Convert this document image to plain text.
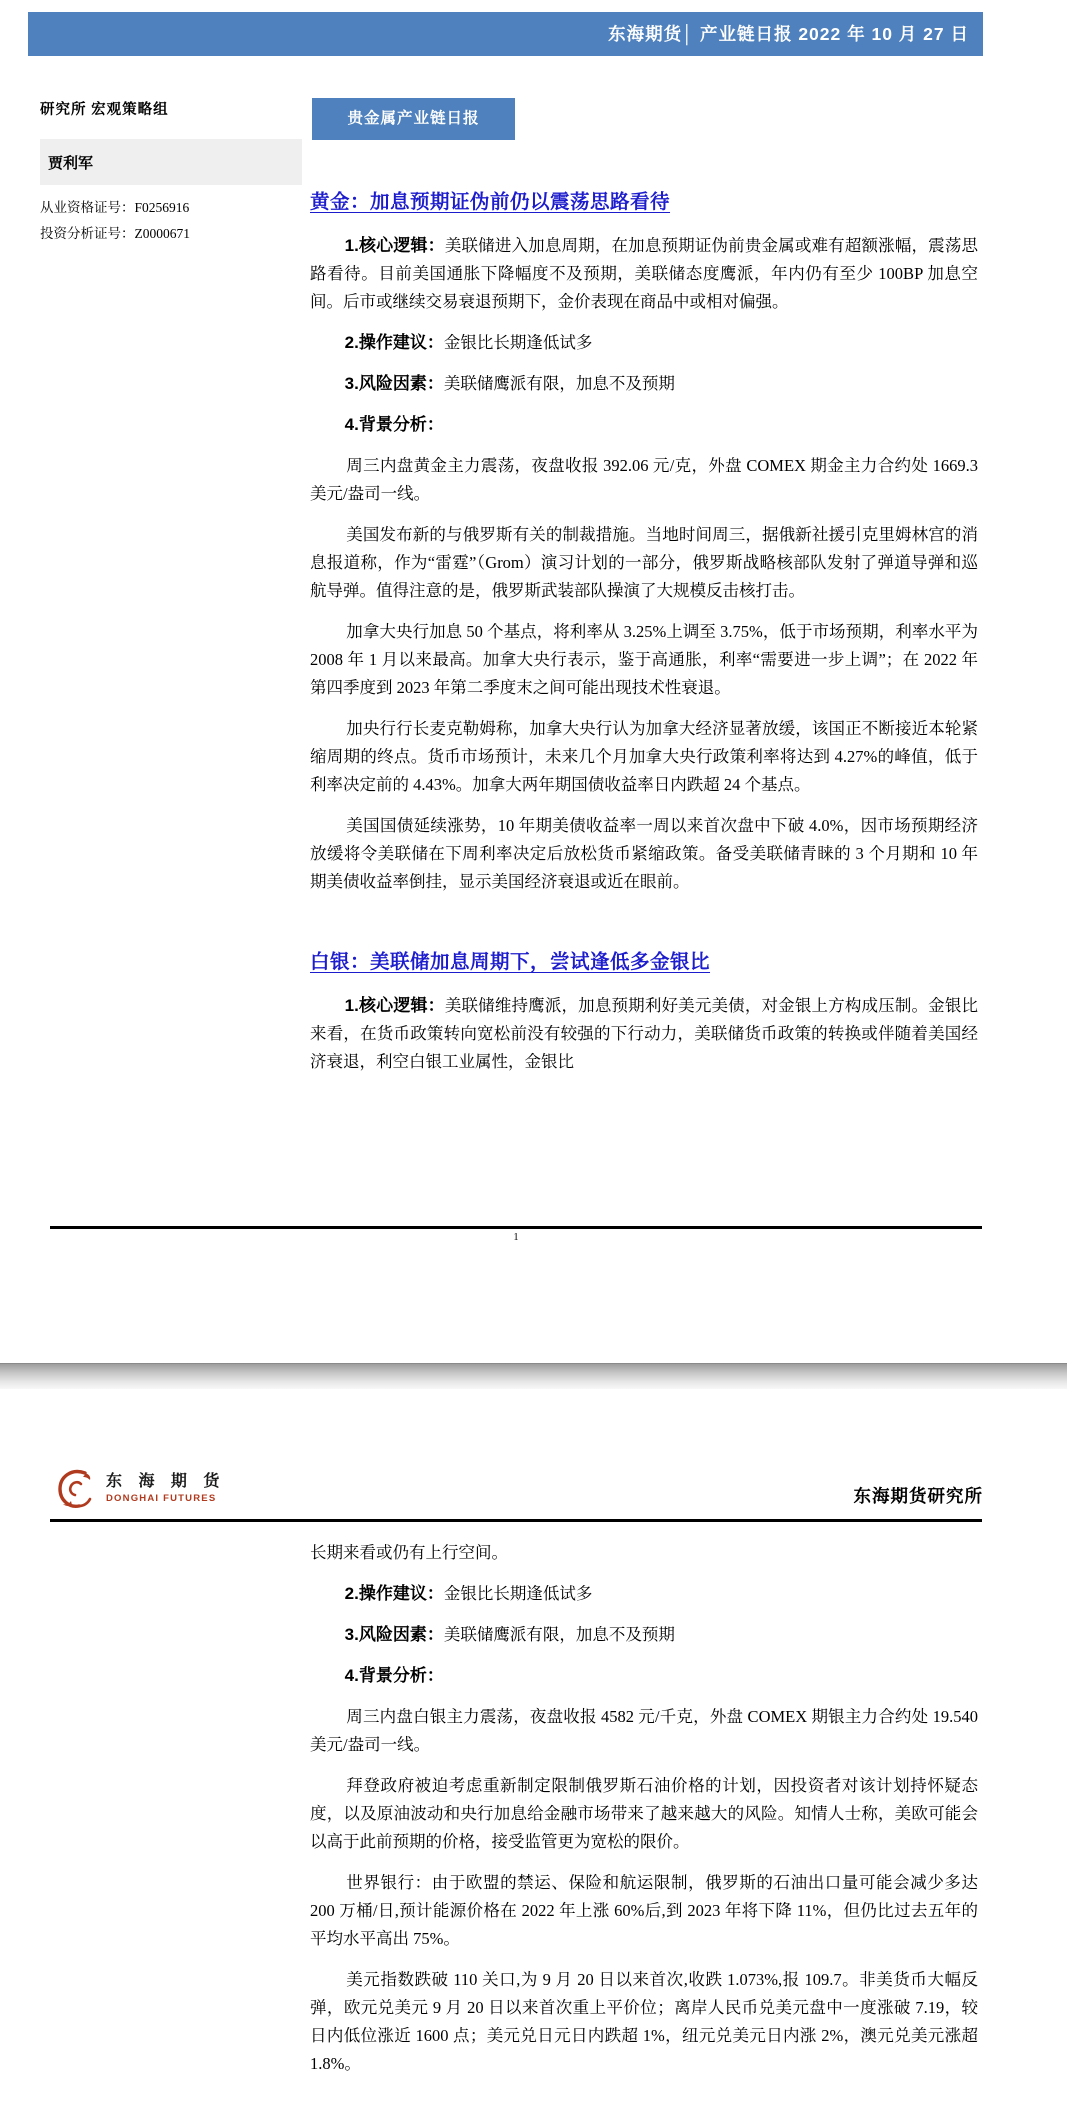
东海期货│ 产业链日报 2022 年 10 月 27 日
研究所 宏观策略组
贾利军
从业资格证号：F0256916
投资分析证号：Z0000671
贵金属产业链日报
黄金：加息预期证伪前仍以震荡思路看待

1.核心逻辑：美联储进入加息周期，在加息预期证伪前贵金属或难有超额涨幅，震荡思路看待。目前美国通胀下降幅度不及预期，美联储态度鹰派，年内仍有至少 100BP 加息空间。后市或继续交易衰退预期下，金价表现在商品中或相对偏强。

2.操作建议：金银比长期逢低试多

3.风险因素：美联储鹰派有限，加息不及预期

4.背景分析：

周三内盘黄金主力震荡，夜盘收报 392.06 元/克，外盘 COMEX 期金主力合约处 1669.3 美元/盎司一线。

美国发布新的与俄罗斯有关的制裁措施。当地时间周三，据俄新社援引克里姆林宫的消息报道称，作为“雷霆”（Grom）演习计划的一部分，俄罗斯战略核部队发射了弹道导弹和巡航导弹。值得注意的是，俄罗斯武装部队操演了大规模反击核打击。

加拿大央行加息 50 个基点，将利率从 3.25%上调至 3.75%，低于市场预期，利率水平为 2008 年 1 月以来最高。加拿大央行表示，鉴于高通胀，利率“需要进一步上调”；在 2022 年第四季度到 2023 年第二季度末之间可能出现技术性衰退。

加央行行长麦克勒姆称，加拿大央行认为加拿大经济显著放缓，该国正不断接近本轮紧缩周期的终点。货币市场预计，未来几个月加拿大央行政策利率将达到 4.27%的峰值，低于利率决定前的 4.43%。加拿大两年期国债收益率日内跌超 24 个基点。

美国国债延续涨势，10 年期美债收益率一周以来首次盘中下破 4.0%，因市场预期经济放缓将令美联储在下周利率决定后放松货币紧缩政策。备受美联储青睐的 3 个月期和 10 年期美债收益率倒挂，显示美国经济衰退或近在眼前。

白银：美联储加息周期下，尝试逢低多金银比

1.核心逻辑：美联储维持鹰派，加息预期利好美元美债，对金银上方构成压制。金银比来看，在货币政策转向宽松前没有较强的下行动力，美联储货币政策的转换或伴随着美国经济衰退，利空白银工业属性，金银比

1
东 海 期 货
DONGHAI FUTURES	东海期货研究所

长期来看或仍有上行空间。

2.操作建议：金银比长期逢低试多

3.风险因素：美联储鹰派有限，加息不及预期

4.背景分析：

周三内盘白银主力震荡，夜盘收报 4582 元/千克，外盘 COMEX 期银主力合约处 19.540 美元/盎司一线。

拜登政府被迫考虑重新制定限制俄罗斯石油价格的计划，因投资者对该计划持怀疑态度，以及原油波动和央行加息给金融市场带来了越来越大的风险。知情人士称，美欧可能会以高于此前预期的价格，接受监管更为宽松的限价。

世界银行：由于欧盟的禁运、保险和航运限制，俄罗斯的石油出口量可能会减少多达 200 万桶/日,预计能源价格在 2022 年上涨 60%后,到 2023 年将下降 11%，但仍比过去五年的平均水平高出 75%。

美元指数跌破 110 关口,为 9 月 20 日以来首次,收跌 1.073%,报 109.7。非美货币大幅反弹，欧元兑美元 9 月 20 日以来首次重上平价位；离岸人民币兑美元盘中一度涨破 7.19，较日内低位涨近 1600 点；美元兑日元日内跌超 1%，纽元兑美元日内涨 2%，澳元兑美元涨超 1.8%。
